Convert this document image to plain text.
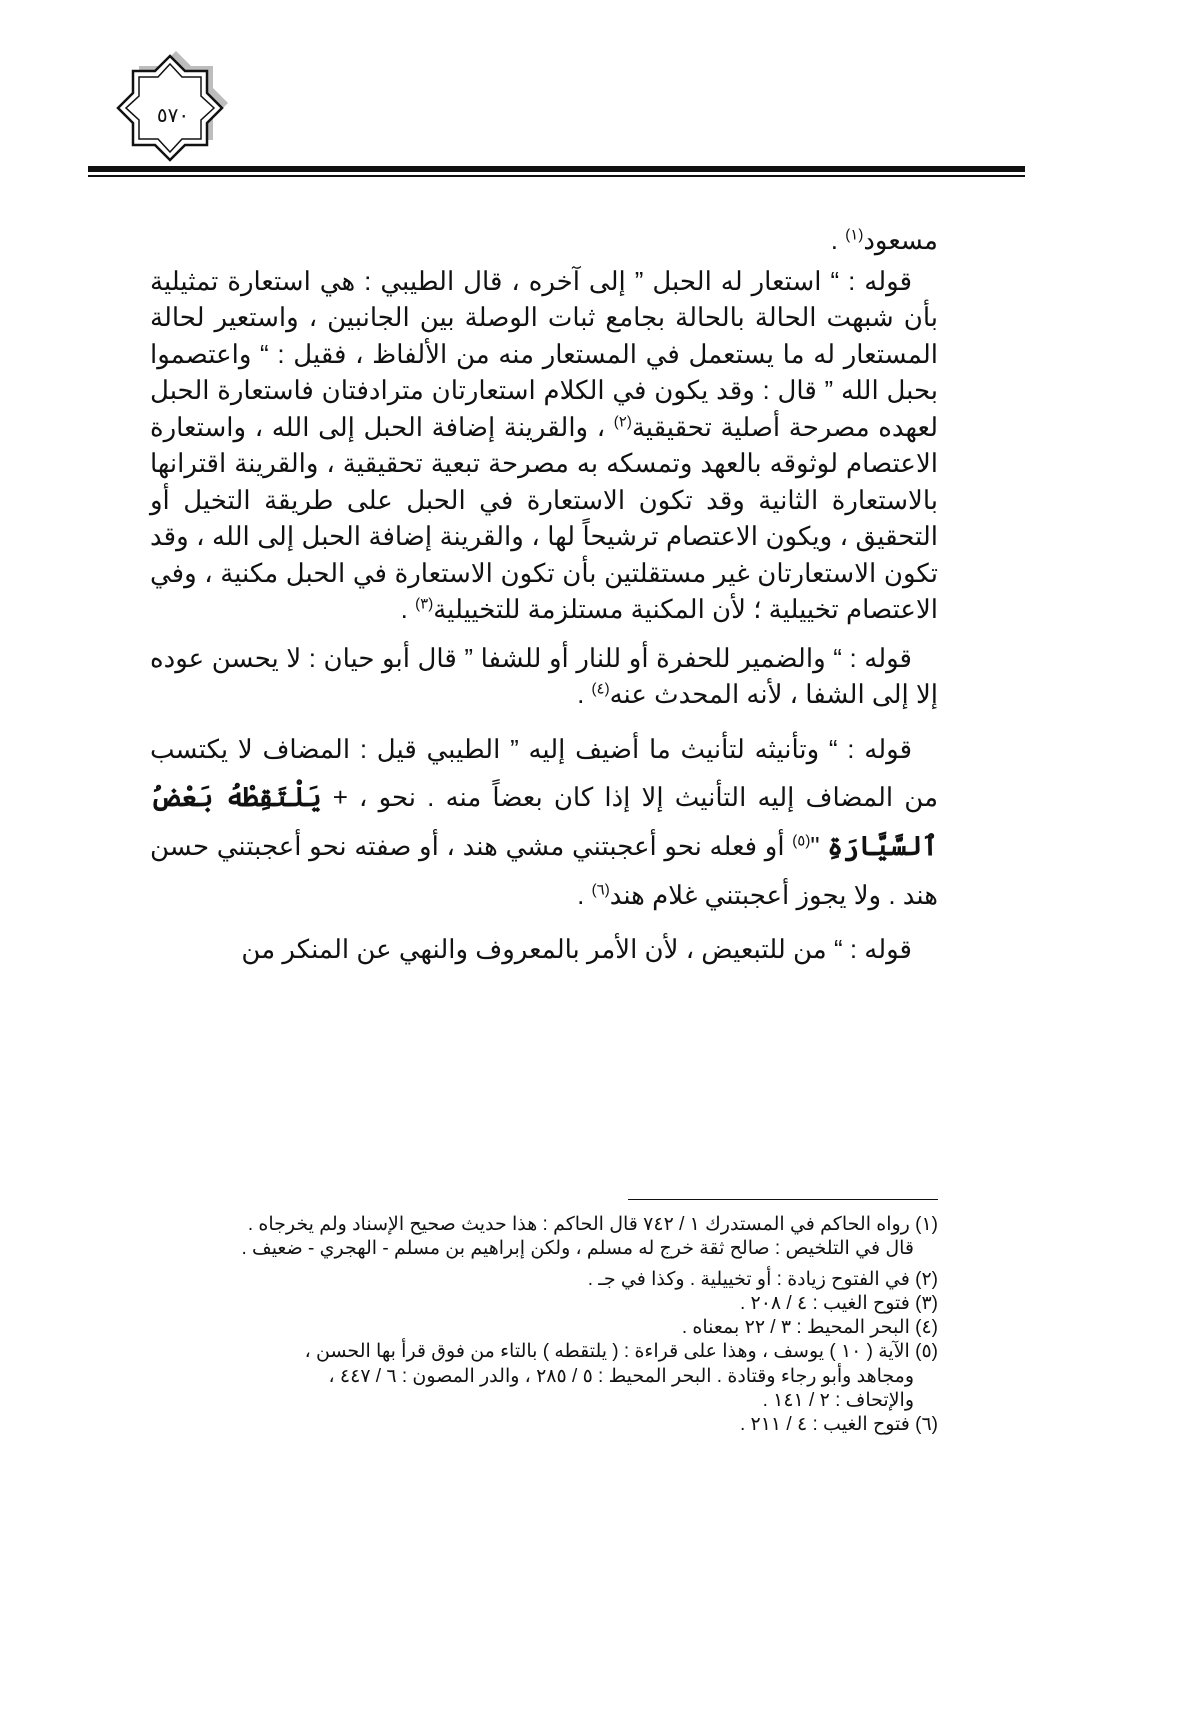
٥٧٠

مسعود$^{(١)}$ .

قوله : “ استعار له الحبل ” إلى آخره ، قال الطيبي : هي استعارة تمثيلية بأن شبهت الحالة بالحالة بجامع ثبات الوصلة بين الجانبين ، واستعير لحالة المستعار له ما يستعمل في المستعار منه من الألفاظ ، فقيل : “ واعتصموا بحبل الله ” قال : وقد يكون في الكلام استعارتان مترادفتان فاستعارة الحبل لعهده مصرحة أصلية تحقيقية$^{(٢)}$ ، والقرينة إضافة الحبل إلى الله ، واستعارة الاعتصام لوثوقه بالعهد وتمسكه به مصرحة تبعية تحقيقية ، والقرينة اقترانها بالاستعارة الثانية وقد تكون الاستعارة في الحبل على طريقة التخيل أو التحقيق ، ويكون الاعتصام ترشيحاً لها ، والقرينة إضافة الحبل إلى الله ، وقد تكون الاستعارتان غير مستقلتين بأن تكون الاستعارة في الحبل مكنية ، وفي الاعتصام تخييلية ؛ لأن المكنية مستلزمة للتخييلية$^{(٣)}$ .

قوله : “ والضمير للحفرة أو للنار أو للشفا ” قال أبو حيان : لا يحسن عوده إلا إلى الشفا ، لأنه المحدث عنه$^{(٤)}$ .

قوله : “ وتأنيثه لتأنيث ما أضيف إليه ” الطيبي قيل : المضاف لا يكتسب من المضاف إليه التأنيث إلا إذا كان بعضاً منه . نحو ، + يَلْتَقِطْهُ بَعْضُ ٱلسَّيَّارَةِ "$^{(٥)}$ أو فعله نحو أعجبتني مشي هند ، أو صفته نحو أعجبتني حسن هند . ولا يجوز أعجبتني غلام هند$^{(٦)}$ .

قوله : “ من للتبعيض ، لأن الأمر بالمعروف والنهي عن المنكر من

(١) رواه الحاكم في المستدرك ١ / ٧٤٢ قال الحاكم : هذا حديث صحيح الإسناد ولم يخرجاه .
قال في التلخيص : صالح ثقة خرج له مسلم ، ولكن إبراهيم بن مسلم - الهجري - ضعيف .
(٢) في الفتوح زيادة : أو تخييلية . وكذا في جـ .
(٣) فتوح الغيب : ٤ / ٢٠٨ .
(٤) البحر المحيط : ٣ / ٢٢ بمعناه .
(٥) الآية ( ١٠ ) يوسف ، وهذا على قراءة : ( يلتقطه ) بالتاء من فوق قرأ بها الحسن ،
ومجاهد وأبو رجاء وقتادة . البحر المحيط : ٥ / ٢٨٥ ، والدر المصون : ٦ / ٤٤٧ ،
والإتحاف : ٢ / ١٤١ .
(٦) فتوح الغيب : ٤ / ٢١١ .
